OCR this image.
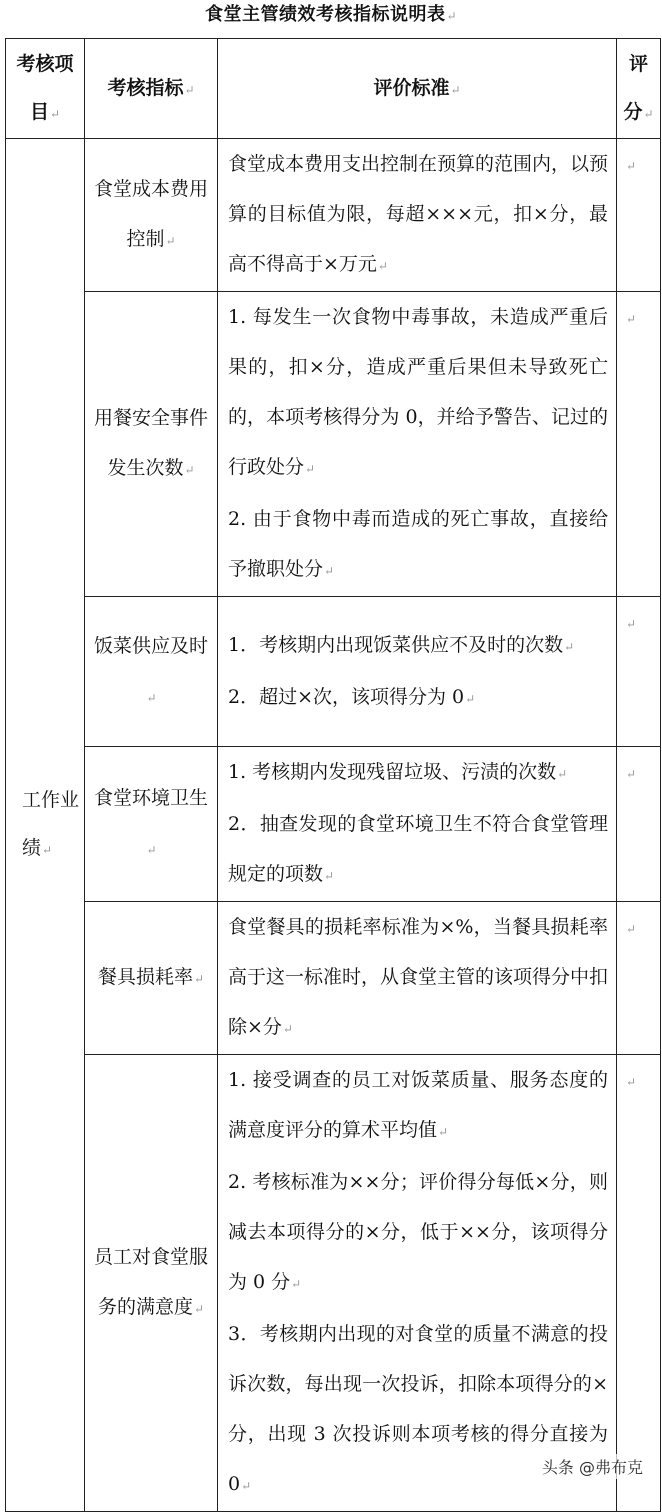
食堂主管绩效考核指标说明表↵
考核项目↵	考核指标↵	评价标准↵	评分↵
工作业绩↵	食堂成本费用控制↵	食堂成本费用支出控制在预算的范围内，以预算的目标值为限，每超×××元，扣×分，最高不得高于×万元↵	↵
	用餐安全事件发生次数↵	1. 每发生一次食物中毒事故，未造成严重后果的，扣×分，造成严重后果但未导致死亡的，本项考核得分为 0，并给予警告、记过的行政处分↵
2. 由于食物中毒而造成的死亡事故，直接给予撤职处分↵	↵
	饭菜供应及时↵	1．考核期内出现饭菜供应不及时的次数↵
2．超过×次，该项得分为 0↵	↵
	食堂环境卫生↵	1. 考核期内发现残留垃圾、污渍的次数↵
2．抽查发现的食堂环境卫生不符合食堂管理规定的项数↵	↵
	餐具损耗率↵	食堂餐具的损耗率标准为×%，当餐具损耗率高于这一标准时，从食堂主管的该项得分中扣除×分↵	↵
	员工对食堂服务的满意度↵	1. 接受调查的员工对饭菜质量、服务态度的满意度评分的算术平均值↵
2. 考核标准为××分；评价得分每低×分，则减去本项得分的×分，低于××分，该项得分为 0 分↵
3．考核期内出现的对食堂的质量不满意的投诉次数，每出现一次投诉，扣除本项得分的×分，出现 3 次投诉则本项考核的得分直接为 0↵	↵
头条 @弗布克
